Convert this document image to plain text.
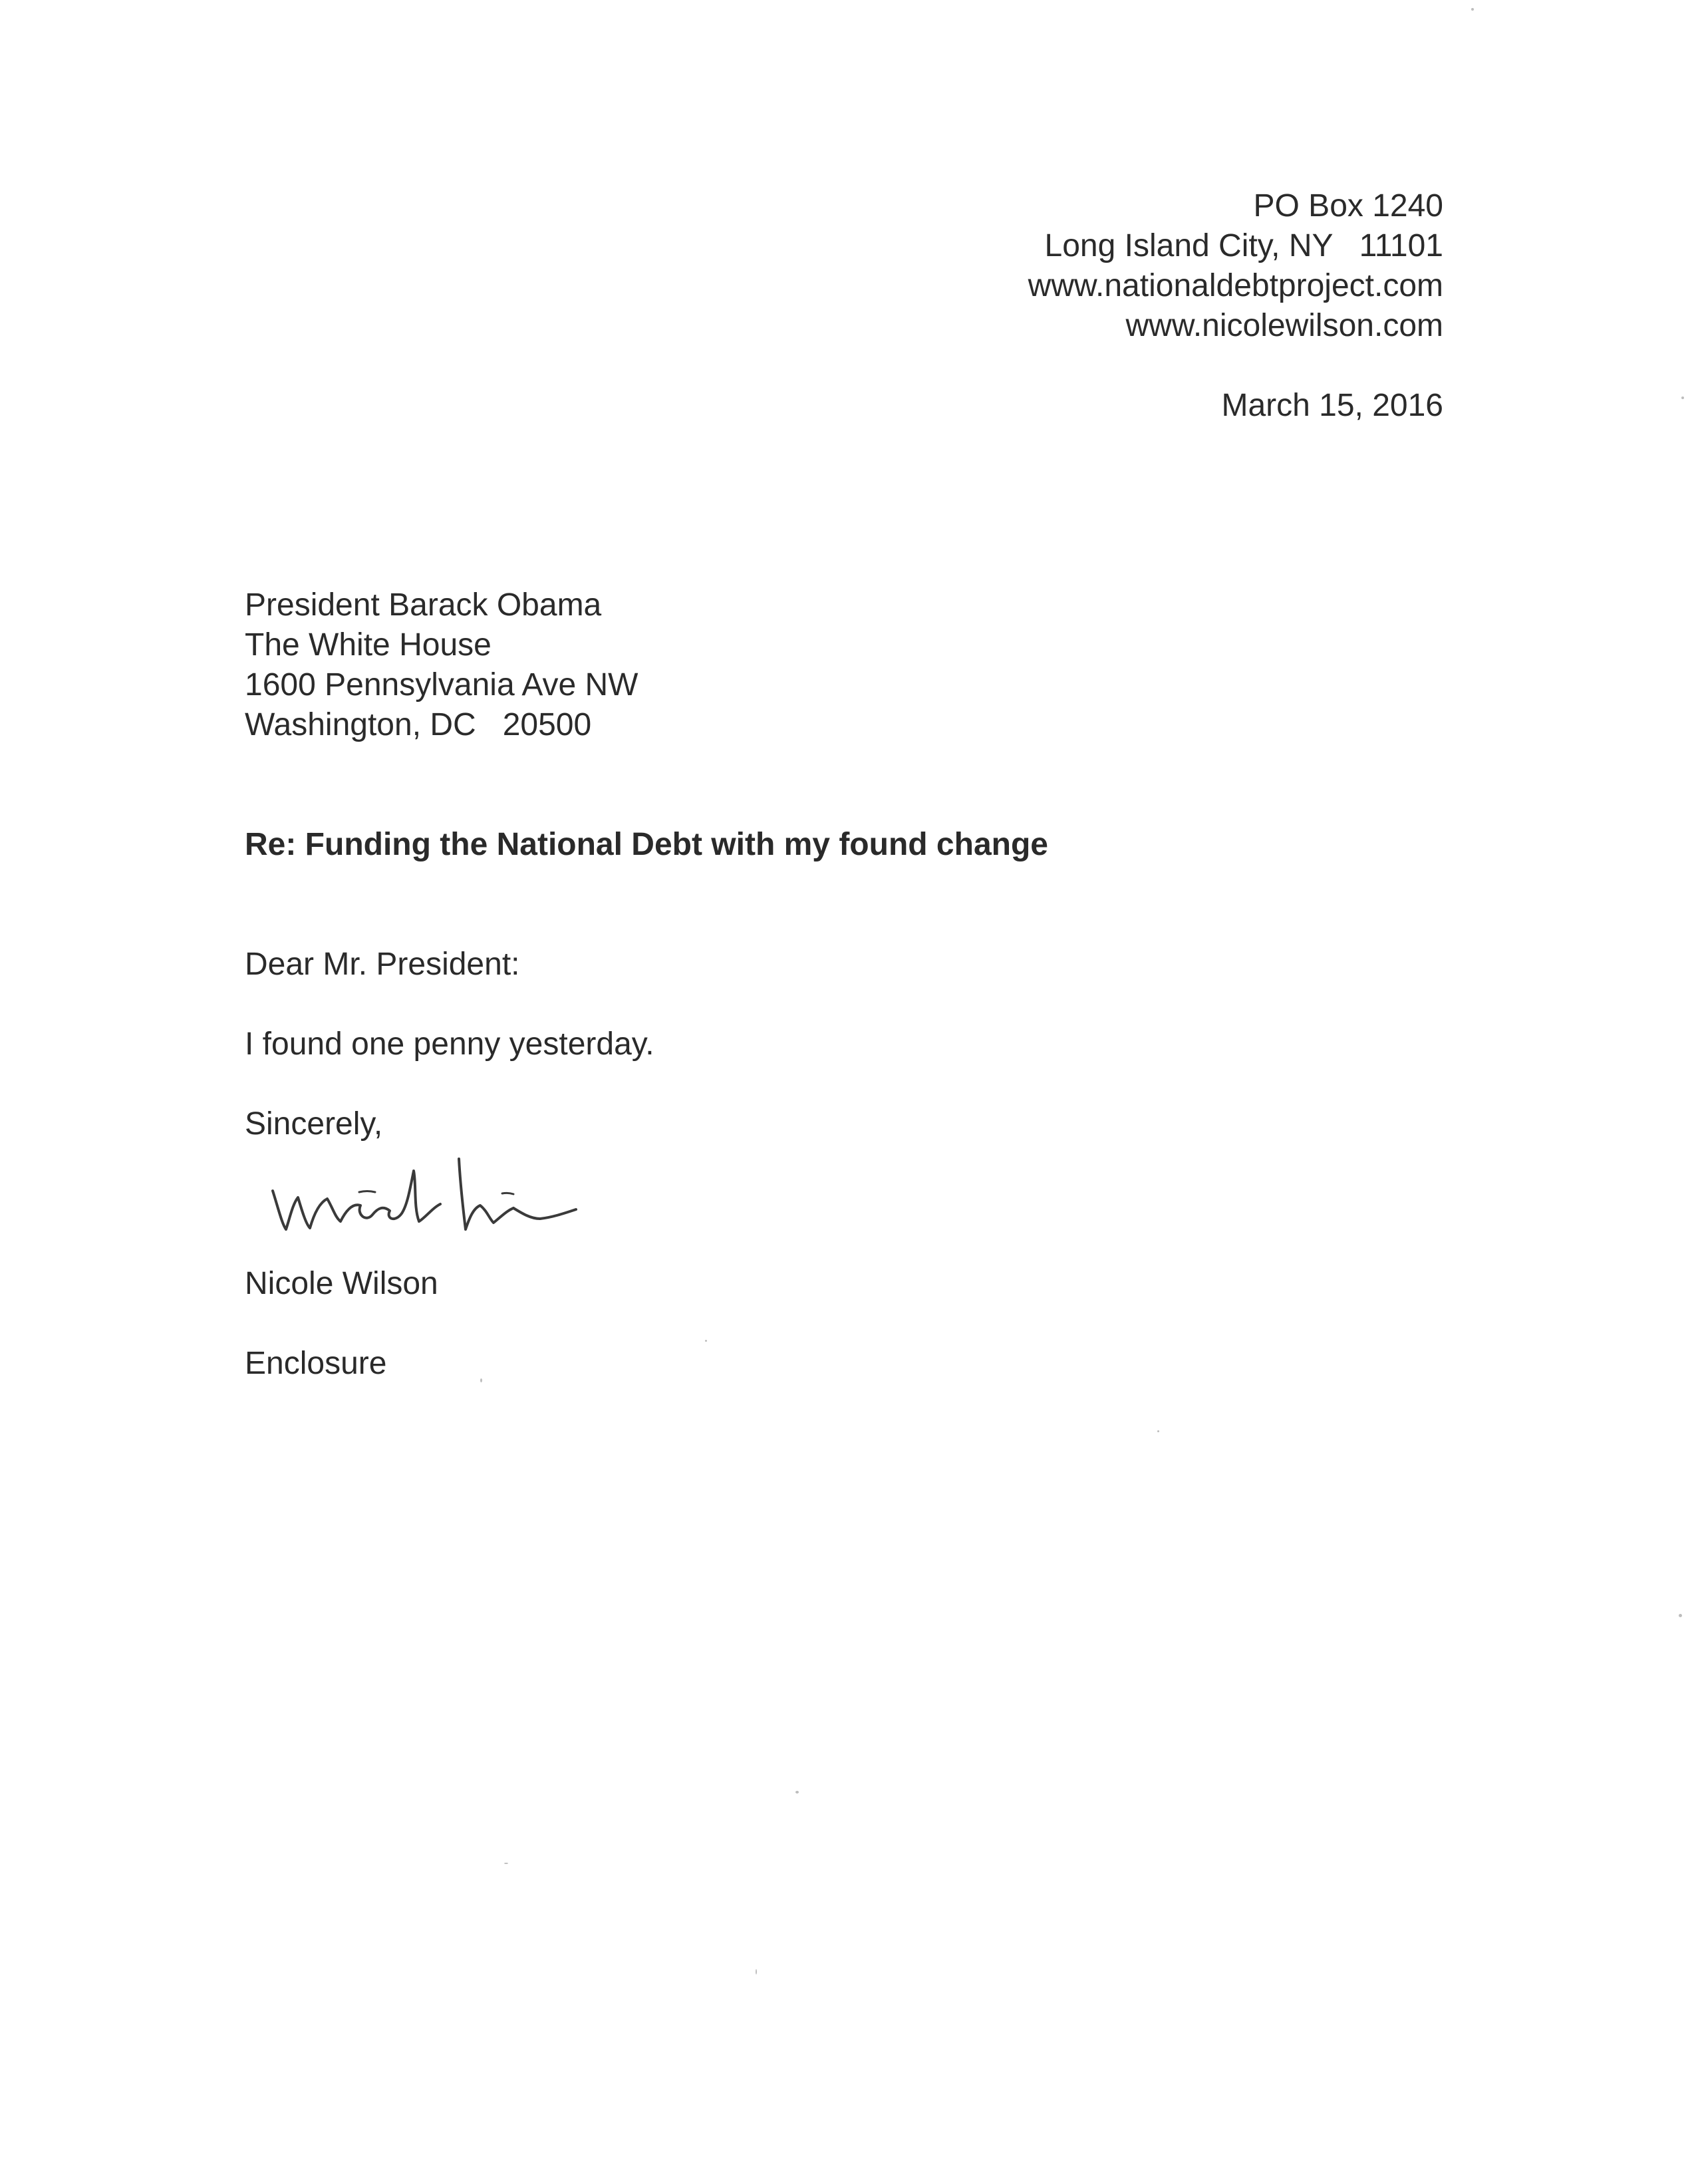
PO Box 1240
Long Island City, NY   11101
www.nationaldebtproject.com
www.nicolewilson.com
March 15, 2016
President Barack Obama
The White House
1600 Pennsylvania Ave NW
Washington, DC   20500
Re: Funding the National Debt with my found change
Dear Mr. President:
I found one penny yesterday.
Sincerely,
Nicole Wilson
Enclosure
